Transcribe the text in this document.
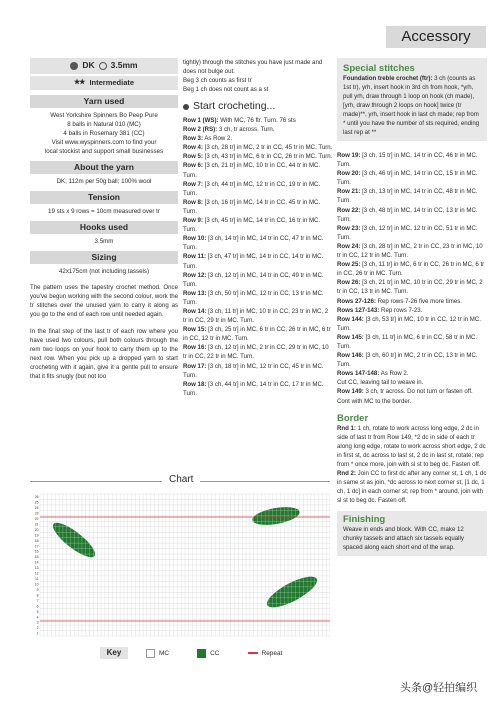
Accessory
DK 3.5mm
★★ Intermediate
Yarn used
West Yorkshire Spinners Bo Peep Pure
8 balls in Natural 010 (MC)
4 balls in Rosemary 381 (CC)
Visit www.wyspinners.com to find your
local stockist and support small businesses
About the yarn
DK; 112m per 50g ball; 100% wool
Tension
19 sts x 9 rows = 10cm measured over tr
Hooks used
3.5mm
Sizing
42x175cm (not including tassels)

The pattern uses the tapestry crochet method. Once you've begun working with the second colour, work the tr stitches over the unused yarn to carry it along as you go to the end of each row until needed again.

In the final step of the last tr of each row where you have used two colours, pull both colours through the rem two loops on your hook to carry them up to the next row. When you pick up a dropped yarn to start crocheting with it again, give it a gentle pull to ensure that it fits snugly (but not too

tightly) through the stitches you have just made and does not bulge out.
Beg 3 ch counts as first tr
Beg 1 ch does not count as a st
Start crocheting...
Row 1 (WS): With MC, 76 ftr. Turn. 76 sts
Row 2 (RS): 3 ch, tr across. Turn.
Row 3: As Row 2.
Row 4: [3 ch, 28 tr] in MC, 2 tr in CC, 45 tr in MC. Turn.
Row 5: [3 ch, 43 tr] in MC, 6 tr in CC, 26 tr in MC. Turn.
Row 6: [3 ch, 21 tr] in MC, 10 tr in CC, 44 tr in MC. Turn.
Row 7: [3 ch, 44 tr] in MC, 12 tr in CC, 19 tr in MC. Turn.
Row 8: [3 ch, 16 tr] in MC, 14 tr in CC, 45 tr in MC. Turn.
Row 9: [3 ch, 45 tr] in MC, 14 tr in CC, 16 tr in MC. Turn.
Row 10: [3 ch, 14 tr] in MC, 14 tr in CC, 47 tr in MC. Turn.
Row 11: [3 ch, 47 tr] in MC, 14 tr in CC, 14 tr in MC. Turn.
Row 12: [3 ch, 12 tr] in MC, 14 tr in CC, 49 tr in MC. Turn.
Row 13: [3 ch, 50 tr] in MC, 12 tr in CC, 13 tr in MC. Turn.
Row 14: [3 ch, 11 tr] in MC, 10 tr in CC, 23 tr in MC, 2 tr in CC, 29 tr in MC. Turn.
Row 15: [3 ch, 25 tr] in MC, 6 tr in CC, 26 tr in MC, 6 tr in CC, 12 tr in MC. Turn.
Row 16: [3 ch, 12 tr] in MC, 2 tr in CC, 29 tr in MC, 10 tr in CC, 22 tr in MC. Turn.
Row 17: [3 ch, 18 tr] in MC, 12 tr in CC, 45 tr in MC. Turn.
Row 18: [3 ch, 44 tr] in MC, 14 tr in CC, 17 tr in MC. Turn.
Special stitches
Foundation treble crochet (ftr): 3 ch (counts as 1st tr), yrh, insert hook in 3rd ch from hook, *yrh, pull yrh, draw through 1 loop on hook (ch made), [yrh, draw through 2 loops on hook] twice (tr made)**, yrh, insert hook in last ch made; rep from * until you have the number of sts required, ending last rep at **
Row 19: [3 ch, 15 tr] in MC, 14 tr in CC, 46 tr in MC. Turn.
Row 20: [3 ch, 46 tr] in MC, 14 tr in CC, 15 tr in MC. Turn.
Row 21: [3 ch, 13 tr] in MC, 14 tr in CC, 48 tr in MC. Turn.
Row 22: [3 ch, 48 tr] in MC, 14 tr in CC, 13 tr in MC. Turn.
Row 23: [3 ch, 12 tr] in MC, 12 tr in CC, 51 tr in MC. Turn.
Row 24: [3 ch, 28 tr] in MC, 2 tr in CC, 23 tr in MC, 10 tr in CC, 12 tr in MC. Turn.
Row 25: [3 ch, 11 tr] in MC, 6 tr in CC, 26 tr in MC, 6 tr in CC, 26 tr in MC. Turn.
Row 26: [3 ch, 21 tr] in MC, 10 tr in CC, 29 tr in MC, 2 tr in CC, 13 tr in MC. Turn.
Rows 27-126: Rep rows 7-26 five more times.
Rows 127-143: Rep rows 7-23.
Row 144: [3 ch, 53 tr] in MC, 10 tr in CC, 12 tr in MC. Turn.
Row 145: [3 ch, 11 tr] in MC, 6 tr in CC, 58 tr in MC. Turn.
Row 146: [3 ch, 60 tr] in MC, 2 tr in CC, 13 tr in MC. Turn.
Rows 147-148: As Row 2.
Cut CC, leaving tail to weave in.
Row 149: 3 ch, tr across. Do not turn or fasten off. Cont with MC to the border.
Border
Rnd 1: 1 ch, rotate to work across long edge, 2 dc in side of last tr from Row 149, *2 dc in side of each tr along long edge, rotate to work across short edge, 2 dc in first st, dc across to last st, 2 dc in last st, rotate; rep from * once more, join with sl st to beg dc. Fasten off.
Rnd 2: Join CC to first dc after any corner st, 1 ch, 1 dc in same st as join, *dc across to next corner st, [1 dc, 1 ch, 1 dc] in each corner st; rep from * around, join with sl st to beg dc. Fasten off.
Finishing
Weave in ends and block. With CC, make 12 chunky tassels and attach six tassels equally spaced along each short end of the wrap.
Chart
26
25
24
23
22
21
20
19
18
17
16
15
14
13
12
11
10
9
8
7
6
5
4
3
2
1
Key	MC	CC	Repeat
头条@轻拍编织
